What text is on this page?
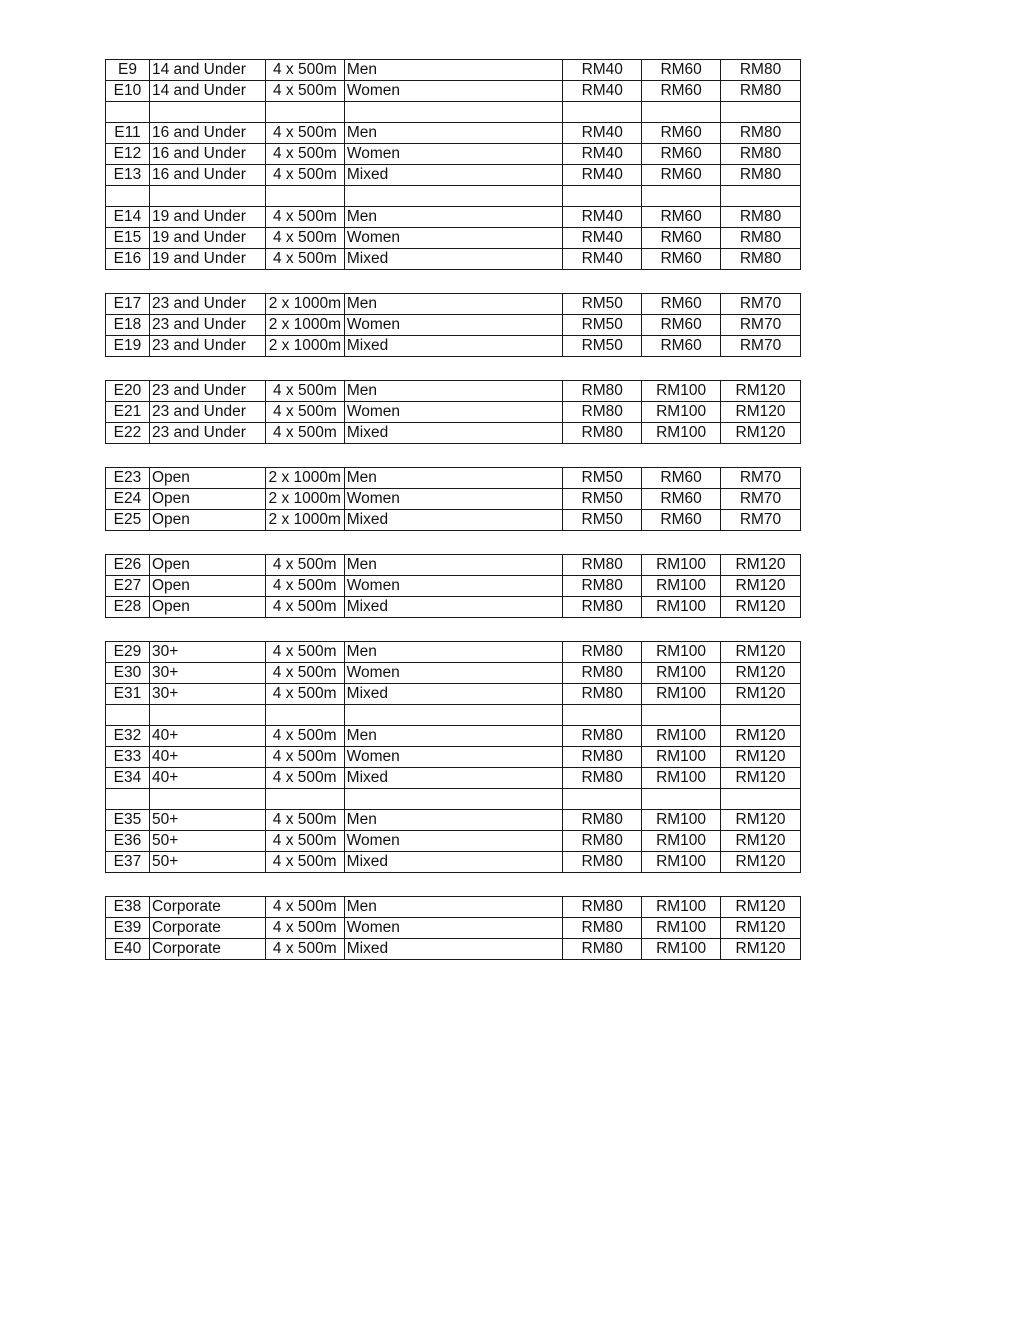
E9	14 and Under	4 x 500m	Men	RM40	RM60	RM80
E10	14 and Under	4 x 500m	Women	RM40	RM60	RM80

E11	16 and Under	4 x 500m	Men	RM40	RM60	RM80
E12	16 and Under	4 x 500m	Women	RM40	RM60	RM80
E13	16 and Under	4 x 500m	Mixed	RM40	RM60	RM80

E14	19 and Under	4 x 500m	Men	RM40	RM60	RM80
E15	19 and Under	4 x 500m	Women	RM40	RM60	RM80
E16	19 and Under	4 x 500m	Mixed	RM40	RM60	RM80
E17	23 and Under	2 x 1000m	Men	RM50	RM60	RM70
E18	23 and Under	2 x 1000m	Women	RM50	RM60	RM70
E19	23 and Under	2 x 1000m	Mixed	RM50	RM60	RM70
E20	23 and Under	4 x 500m	Men	RM80	RM100	RM120
E21	23 and Under	4 x 500m	Women	RM80	RM100	RM120
E22	23 and Under	4 x 500m	Mixed	RM80	RM100	RM120
E23	Open	2 x 1000m	Men	RM50	RM60	RM70
E24	Open	2 x 1000m	Women	RM50	RM60	RM70
E25	Open	2 x 1000m	Mixed	RM50	RM60	RM70
E26	Open	4 x 500m	Men	RM80	RM100	RM120
E27	Open	4 x 500m	Women	RM80	RM100	RM120
E28	Open	4 x 500m	Mixed	RM80	RM100	RM120
E29	30+	4 x 500m	Men	RM80	RM100	RM120
E30	30+	4 x 500m	Women	RM80	RM100	RM120
E31	30+	4 x 500m	Mixed	RM80	RM100	RM120

E32	40+	4 x 500m	Men	RM80	RM100	RM120
E33	40+	4 x 500m	Women	RM80	RM100	RM120
E34	40+	4 x 500m	Mixed	RM80	RM100	RM120

E35	50+	4 x 500m	Men	RM80	RM100	RM120
E36	50+	4 x 500m	Women	RM80	RM100	RM120
E37	50+	4 x 500m	Mixed	RM80	RM100	RM120
E38	Corporate	4 x 500m	Men	RM80	RM100	RM120
E39	Corporate	4 x 500m	Women	RM80	RM100	RM120
E40	Corporate	4 x 500m	Mixed	RM80	RM100	RM120
